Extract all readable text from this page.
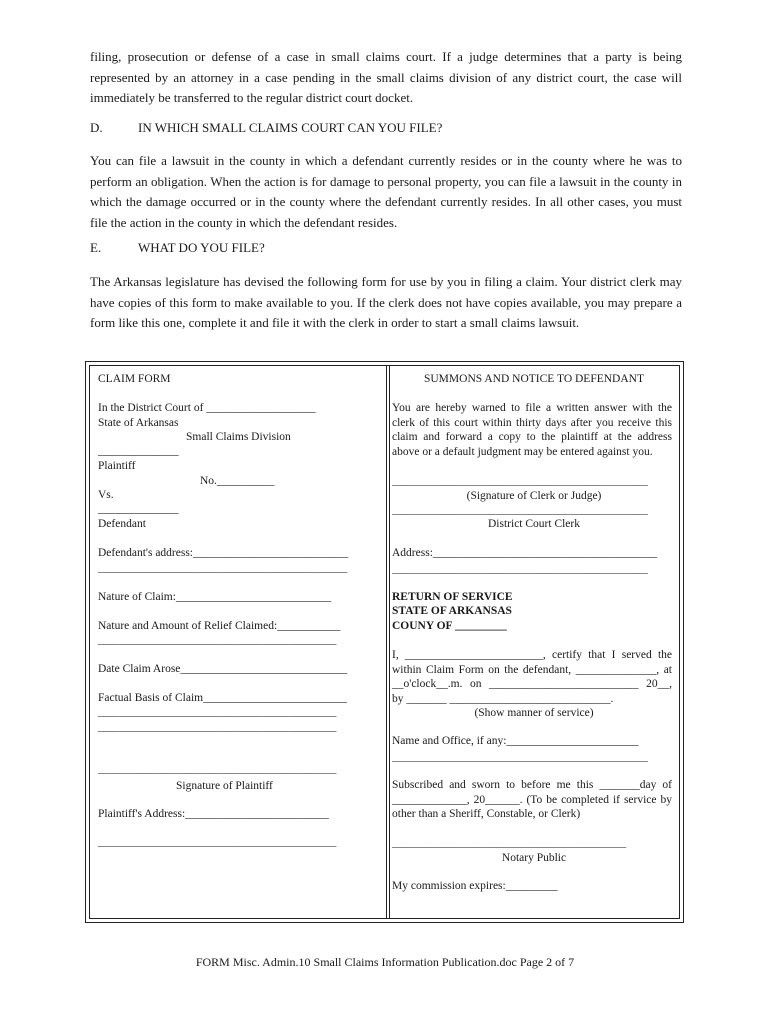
filing, prosecution or defense of a case in small claims court. If a judge determines that a party is being represented by an attorney in a case pending in the small claims division of any district court, the case will immediately be transferred to the regular district court docket.

D.	IN WHICH SMALL CLAIMS COURT CAN YOU FILE?

You can file a lawsuit in the county in which a defendant currently resides or in the county where he was to perform an obligation. When the action is for damage to personal property, you can file a lawsuit in the county in which the damage occurred or in the county where the defendant currently resides. In all other cases, you must file the action in the county in which the defendant resides.

E.	WHAT DO YOU FILE?

The Arkansas legislature has devised the following form for use by you in filing a claim. Your district clerk may have copies of this form to make available to you. If the clerk does not have copies available, you may prepare a form like this one, complete it and file it with the clerk in order to start a small claims lawsuit.

CLAIM FORM

In the District Court of ___________________

State of Arkansas

Small Claims Division

______________

Plaintiff

No.__________

Vs.

______________

Defendant

Defendant's address:___________________________

________________________________________________

Nature of Claim:___________________________

Nature and Amount of Relief Claimed:___________

_____________________________________________

Date Claim Arose_____________________________

Factual Basis of Claim_________________________

_____________________________________________

_____________________________________________

_____________________________________________

Signature of Plaintiff

Plaintiff's Address:_________________________

_____________________________________________

SUMMONS AND NOTICE TO DEFENDANT

You are hereby warned to file a written answer with the clerk of this court within thirty days after you receive this claim and forward a copy to the plaintiff at the address above or a default judgment may be entered against you.

_______________________________________________

(Signature of Clerk or Judge)

_______________________________________________

District Court Clerk

Address:_______________________________________

_______________________________________________

RETURN OF SERVICE

STATE OF ARKANSAS

COUNY OF _________

I, ________________________, certify that I served the within Claim Form on the defendant, ______________, at __o'clock__.m. on __________________________ 20__, by _______ ____________________________.

(Show manner of service)

Name and Office, if any:_______________________

_______________________________________________

Subscribed and sworn to before me this _______day of _____________, 20______. (To be completed if service by other than a Sheriff, Constable, or Clerk)

___________________________________________

Notary Public

My commission expires:_________

FORM Misc. Admin.10 Small Claims Information Publication.doc Page 2 of 7
